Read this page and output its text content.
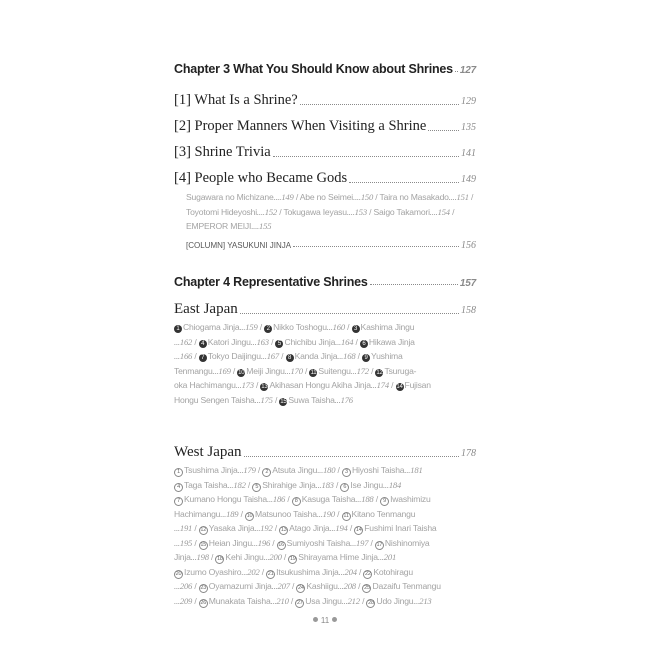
Chapter 3 What You Should Know about Shrines 127
[1] What Is a Shrine?	129
[2] Proper Manners When Visiting a Shrine	135
[3] Shrine Trivia	141
[4] People who Became Gods	149
Sugawara no Michizane....149 / Abe no Seimei....150 / Taira no Masakado....151 / Toyotomi Hideyoshi....152 / Tokugawa Ieyasu....153 / Saigo Takamori....154 / EMPEROR MEIJI....155
[COLUMN] YASUKUNI JINJA	156
Chapter 4 Representative Shrines	157
East Japan	158
1 Chiogama Jinja...159 / 2 Nikko Toshogu...160 / 3 Kashima Jingu
...162 / 4 Katori Jingu...163 / 5 Chichibu Jinja...164 / 6 Hikawa Jinja
...166 / 7 Tokyo Daijingu...167 / 8 Kanda Jinja...168 / 9 Yushima
Tenmangu...169 / 10 Meiji Jingu...170 / 11 Suitengu...172 / 12 Tsuruga-
oka Hachimangu...173 / 13 Akihasan Hongu Akiha Jinja...174 / 14 Fujisan
Hongu Sengen Taisha...175 / 15 Suwa Taisha...176
West Japan	178
1 Tsushima Jinja...179 / 2 Atsuta Jingu...180 / 3 Hiyoshi Taisha...181
4 Taga Taisha...182 / 5 Shirahige Jinja...183 / 6 Ise Jingu...184
7 Kumano Hongu Taisha...186 / 8 Kasuga Taisha...188 / 9 Iwashimizu
Hachimangu...189 / 10 Matsunoo Taisha...190 / 11 Kitano Tenmangu
...191 / 12 Yasaka Jinja...192 / 13 Atago Jinja...194 / 14 Fushimi Inari Taisha
...195 / 15 Heian Jingu...196 / 16 Sumiyoshi Taisha...197 / 17 Nishinomiya
Jinja...198 / 18 Kehi Jingu...200 / 19 Shirayama Hime Jinja...201
20 Izumo Oyashiro...202 / 21 Itsukushima Jinja...204 / 22 Kotohiragu
...206 / 23 Oyamazumi Jinja...207 / 24 Kashiigu...208 / 25 Dazaifu Tenmangu
...209 / 26 Munakata Taisha...210 / 27 Usa Jingu...212 / 28 Udo Jingu...213
11
